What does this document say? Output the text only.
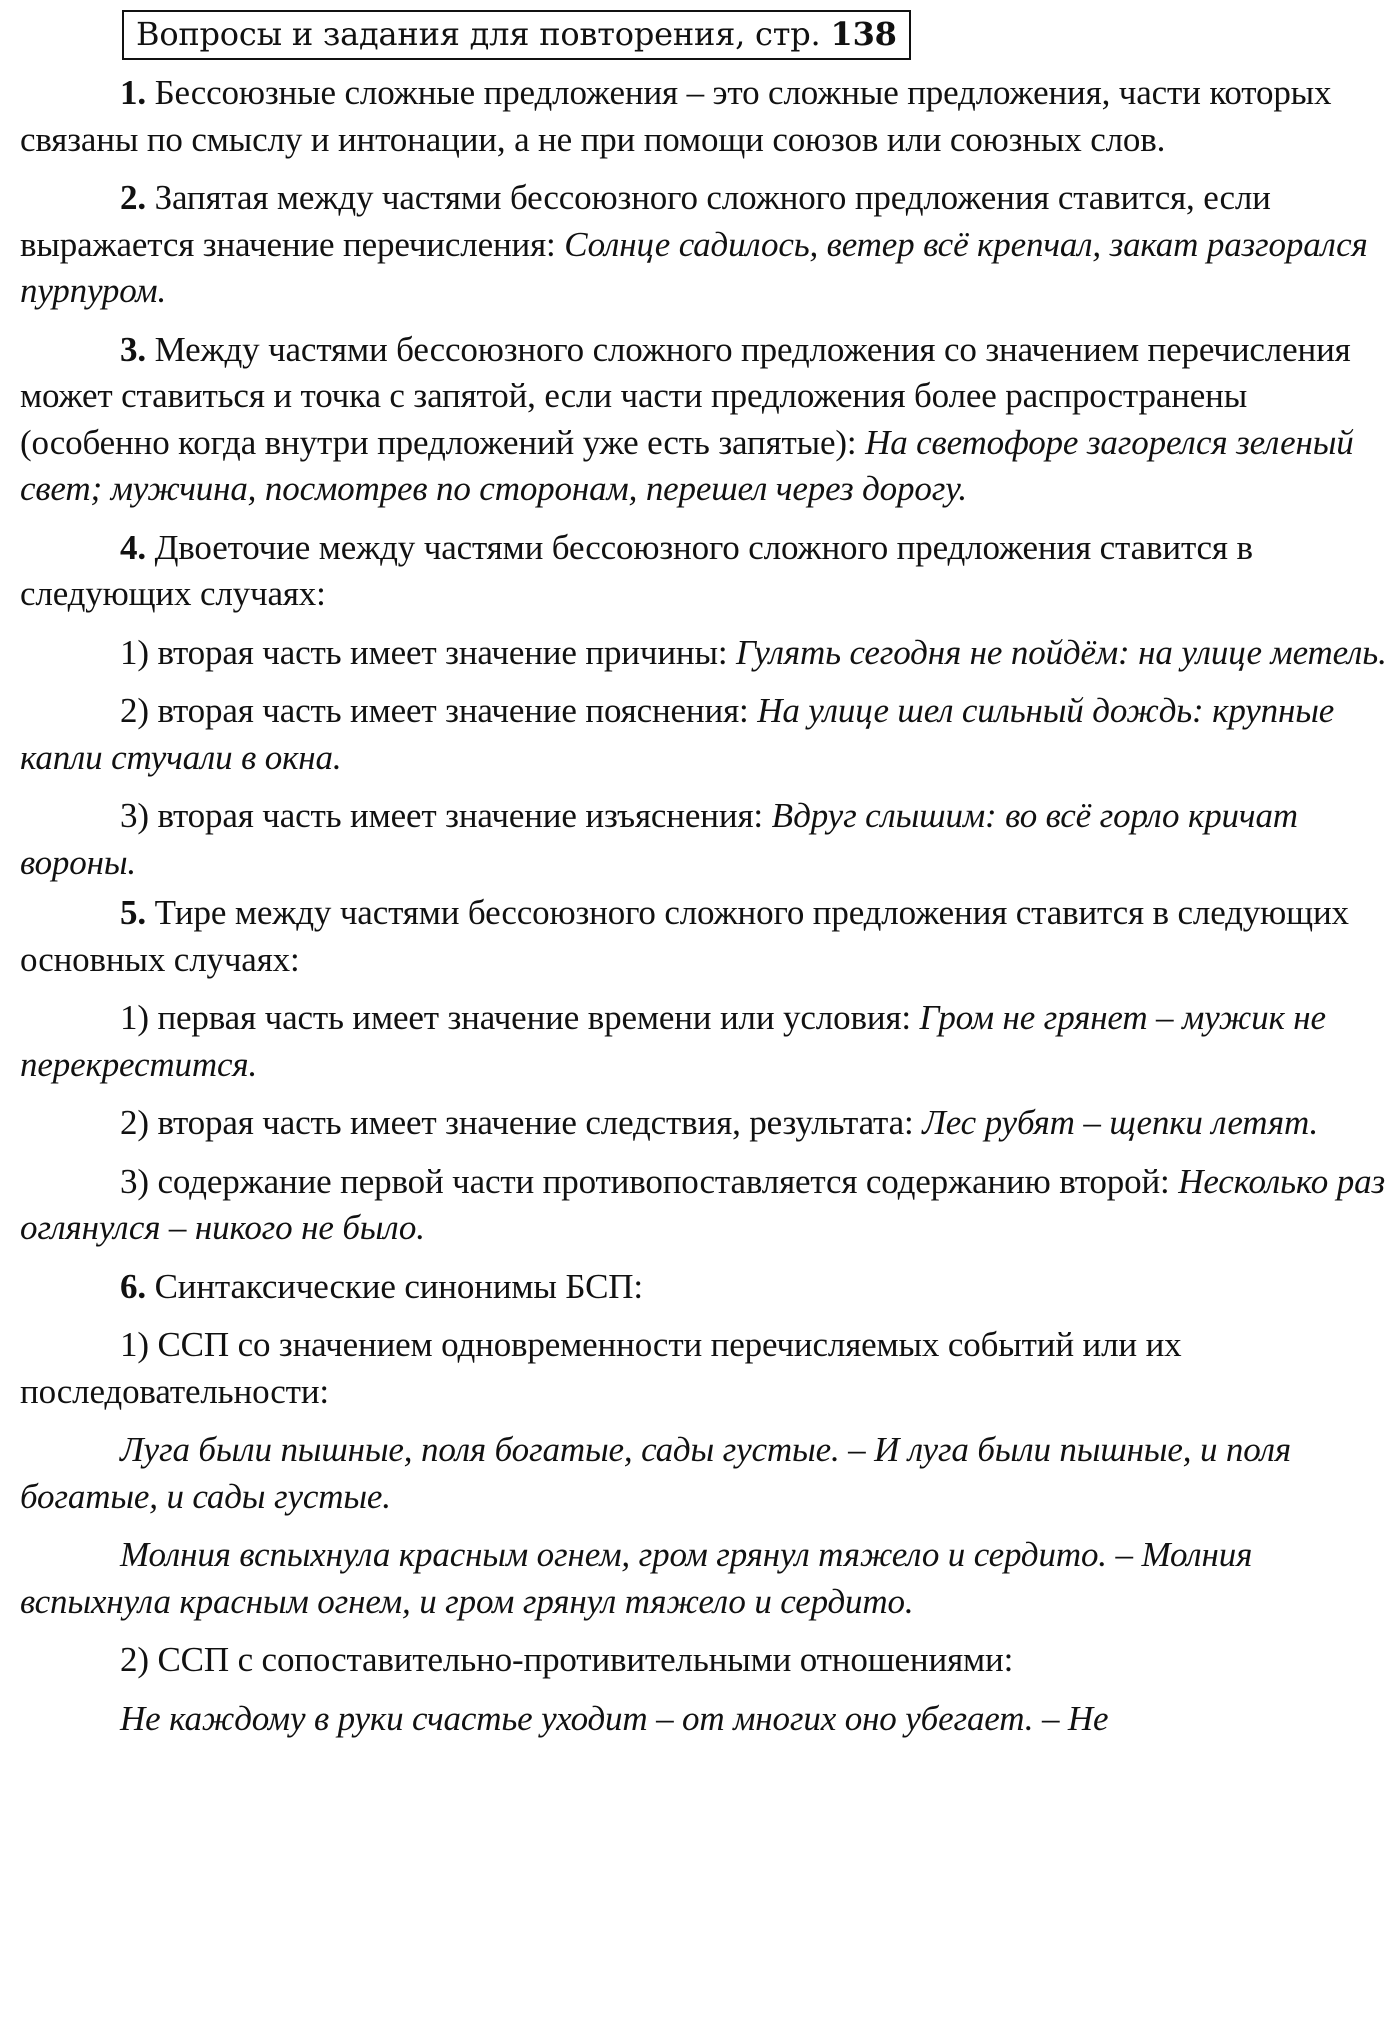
Вопросы и задания для повторения, стр. 138

1. Бессоюзные сложные предложения – это сложные предложения, части которых связаны по смыслу и интонации, а не при помощи союзов или союзных слов.

2. Запятая между частями бессоюзного сложного предложения ставится, если выражается значение перечисления: Солнце садилось, ветер всё крепчал, закат разгорался пурпуром.

3. Между частями бессоюзного сложного предложения со значением перечисления может ставиться и точка с запятой, если части предложения более распространены (особенно когда внутри предложений уже есть запятые): На светофоре загорелся зеленый свет; мужчина, посмотрев по сторонам, перешел через дорогу.

4. Двоеточие между частями бессоюзного сложного предложения ставится в следующих случаях:

1) вторая часть имеет значение причины: Гулять сегодня не пойдём: на улице метель.

2) вторая часть имеет значение пояснения: На улице шел сильный дождь: крупные капли стучали в окна.

3) вторая часть имеет значение изъяснения: Вдруг слышим: во всё горло кричат вороны.

5. Тире между частями бессоюзного сложного предложения ставится в следующих основных случаях:

1) первая часть имеет значение времени или условия: Гром не грянет – мужик не перекрестится.

2) вторая часть имеет значение следствия, результата: Лес рубят – щепки летят.

3) содержание первой части противопоставляется содержанию второй: Несколько раз оглянулся – никого не было.

6. Синтаксические синонимы БСП:

1) ССП со значением одновременности перечисляемых событий или их последовательности:

Луга были пышные, поля богатые, сады густые. – И луга были пышные, и поля богатые, и сады густые.

Молния вспыхнула красным огнем, гром грянул тяжело и сердито. – Молния вспыхнула красным огнем, и гром грянул тяжело и сердито.

2) ССП с сопоставительно-противительными отношениями:

Не каждому в руки счастье уходит – от многих оно убегает. – Не
